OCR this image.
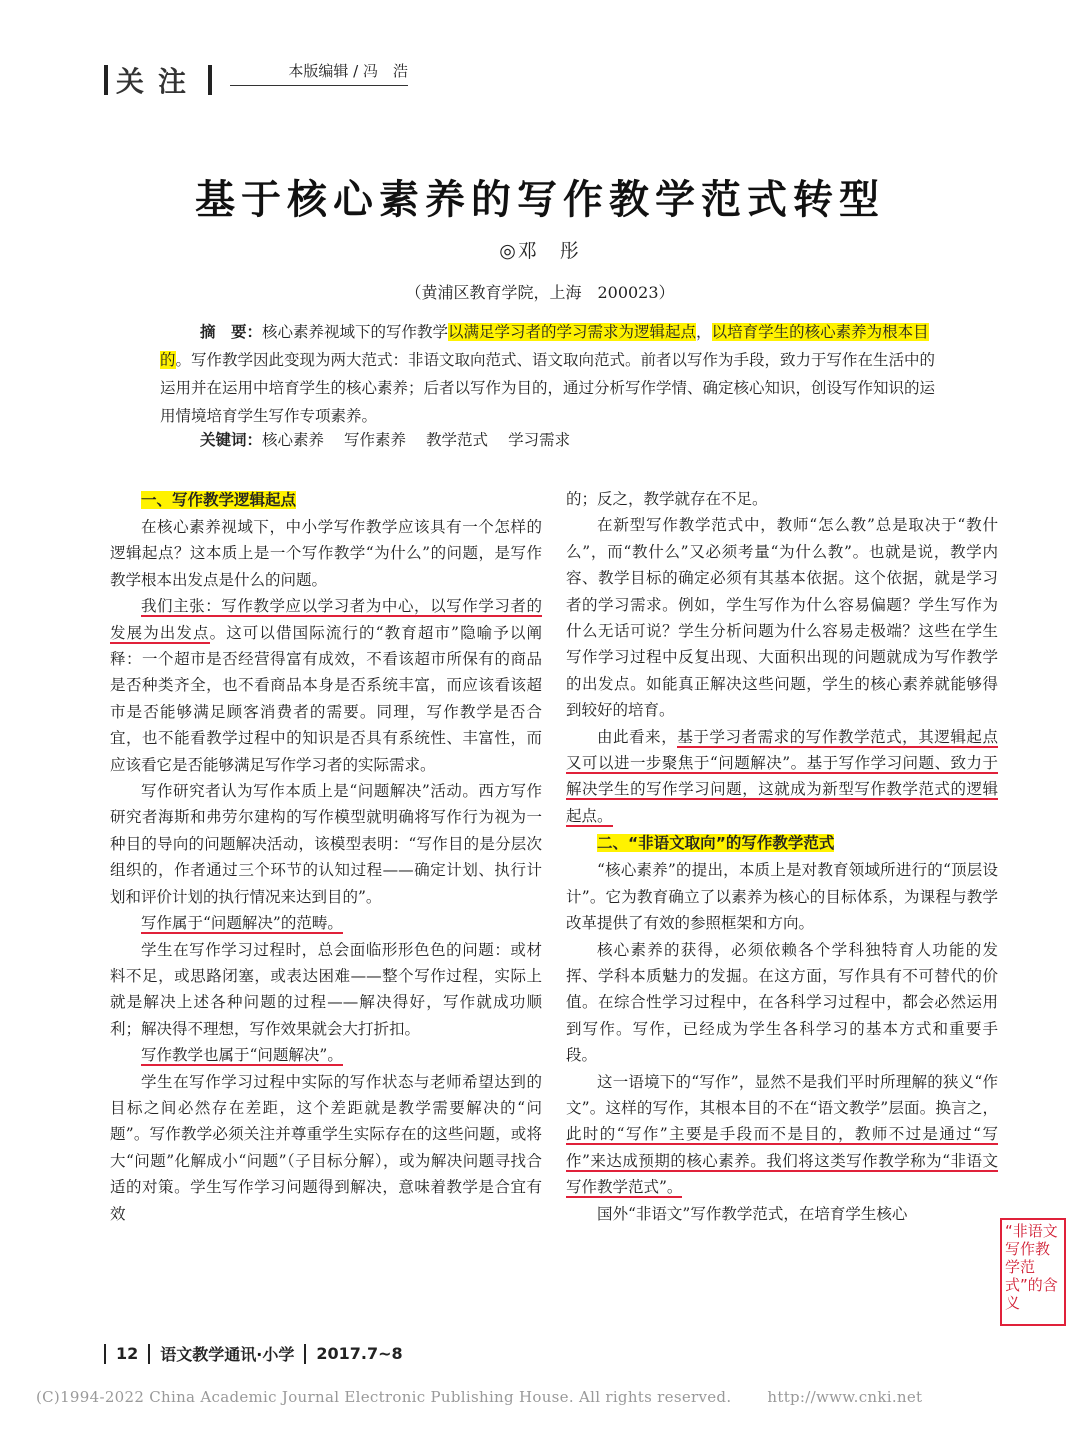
关注	本版编辑 / 冯　浩
基于核心素养的写作教学范式转型
◎邓　彤
（黄浦区教育学院，上海　200023）
摘　要：核心素养视域下的写作教学以满足学习者的学习需求为逻辑起点，以培育学生的核心素养为根本目的。写作教学因此变现为两大范式：非语文取向范式、语文取向范式。前者以写作为手段，致力于写作在生活中的运用并在运用中培育学生的核心素养；后者以写作为目的，通过分析写作学情、确定核心知识，创设写作知识的运用情境培育学生写作专项素养。
关键词：核心素养 写作素养 教学范式 学习需求
一、写作教学逻辑起点

在核心素养视域下，中小学写作教学应该具有一个怎样的逻辑起点？这本质上是一个写作教学“为什么”的问题，是写作教学根本出发点是什么的问题。

我们主张：写作教学应以学习者为中心，以写作学习者的发展为出发点。这可以借国际流行的“教育超市”隐喻予以阐释：一个超市是否经营得富有成效，不看该超市所保有的商品是否种类齐全，也不看商品本身是否系统丰富，而应该看该超市是否能够满足顾客消费者的需要。同理，写作教学是否合宜，也不能看教学过程中的知识是否具有系统性、丰富性，而应该看它是否能够满足写作学习者的实际需求。

写作研究者认为写作本质上是“问题解决”活动。西方写作研究者海斯和弗劳尔建构的写作模型就明确将写作行为视为一种目的导向的问题解决活动，该模型表明：“写作目的是分层次组织的，作者通过三个环节的认知过程——确定计划、执行计划和评价计划的执行情况来达到目的”。

写作属于“问题解决”的范畴。

学生在写作学习过程时，总会面临形形色色的问题：或材料不足，或思路闭塞，或表达困难——整个写作过程，实际上就是解决上述各种问题的过程——解决得好，写作就成功顺利；解决得不理想，写作效果就会大打折扣。

写作教学也属于“问题解决”。

学生在写作学习过程中实际的写作状态与老师希望达到的目标之间必然存在差距，这个差距就是教学需要解决的“问题”。写作教学必须关注并尊重学生实际存在的这些问题，或将大“问题”化解成小“问题”（子目标分解），或为解决问题寻找合适的对策。学生写作学习问题得到解决，意味着教学是合宜有效

的；反之，教学就存在不足。

在新型写作教学范式中，教师“怎么教”总是取决于“教什么”，而“教什么”又必须考量“为什么教”。也就是说，教学内容、教学目标的确定必须有其基本依据。这个依据，就是学习者的学习需求。例如，学生写作为什么容易偏题？学生写作为什么无话可说？学生分析问题为什么容易走极端？这些在学生写作学习过程中反复出现、大面积出现的问题就成为写作教学的出发点。如能真正解决这些问题，学生的核心素养就能够得到较好的培育。

由此看来，基于学习者需求的写作教学范式，其逻辑起点又可以进一步聚焦于“问题解决”。基于写作学习问题、致力于解决学生的写作学习问题，这就成为新型写作教学范式的逻辑起点。

二、“非语文取向”的写作教学范式

“核心素养”的提出，本质上是对教育领域所进行的“顶层设计”。它为教育确立了以素养为核心的目标体系，为课程与教学改革提供了有效的参照框架和方向。

核心素养的获得，必须依赖各个学科独特育人功能的发挥、学科本质魅力的发掘。在这方面，写作具有不可替代的价值。在综合性学习过程中，在各科学习过程中，都会必然运用到写作。写作，已经成为学生各科学习的基本方式和重要手段。

这一语境下的“写作”，显然不是我们平时所理解的狭义“作文”。这样的写作，其根本目的不在“语文教学”层面。换言之，此时的“写作”主要是手段而不是目的，教师不过是通过“写作”来达成预期的核心素养。我们将这类写作教学称为“非语文写作教学范式”。

国外“非语文”写作教学范式，在培育学生核心

“非语文写作教学范式”的含义
12 语文教学通讯·小学 2017.7~8
(C)1994-2022 China Academic Journal Electronic Publishing House. All rights reserved. http://www.cnki.net
